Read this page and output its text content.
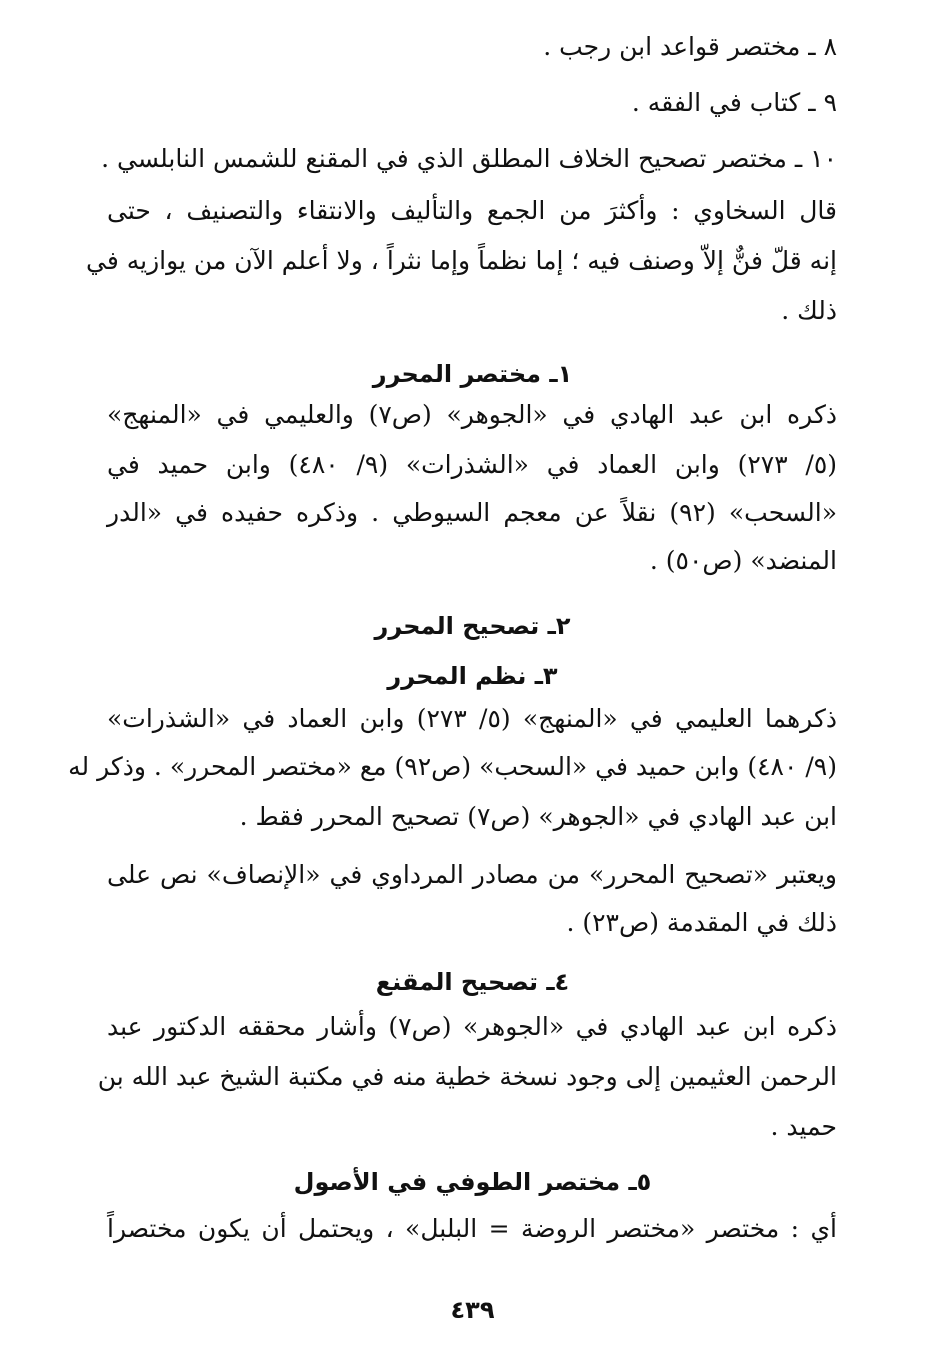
٨ ـ مختصر قواعد ابن رجب .
٩ ـ كتاب في الفقه .
١٠ ـ مختصر تصحيح الخلاف المطلق الذي في المقنع للشمس النابلسي .
قال السخاوي : وأكثرَ من الجمع والتأليف والانتقاء والتصنيف ، حتى
إنه قلّ فنٌّ إلاّ وصنف فيه ؛ إما نظماً وإما نثراً ، ولا أعلم الآن من يوازيه في
ذلك .
١ـ مختصر المحرر
ذكره ابن عبد الهادي في «الجوهر» (ص٧) والعليمي في «المنهج»
(٥/ ٢٧٣) وابن العماد في «الشذرات» (٩/ ٤٨٠) وابن حميد في
«السحب» (٩٢) نقلاً عن معجم السيوطي . وذكره حفيده في «الدر
المنضد» (ص٥٠) .
٢ـ تصحيح المحرر
٣ـ نظم المحرر
ذكرهما العليمي في «المنهج» (٥/ ٢٧٣) وابن العماد في «الشذرات»
(٩/ ٤٨٠) وابن حميد في «السحب» (ص٩٢) مع «مختصر المحرر» . وذكر له
ابن عبد الهادي في «الجوهر» (ص٧) تصحيح المحرر فقط .
ويعتبر «تصحيح المحرر» من مصادر المرداوي في «الإنصاف» نص على
ذلك في المقدمة (ص٢٣) .
٤ـ تصحيح المقنع
ذكره ابن عبد الهادي في «الجوهر» (ص٧) وأشار محققه الدكتور عبد
الرحمن العثيمين إلى وجود نسخة خطية منه في مكتبة الشيخ عبد الله بن
حميد .
٥ـ مختصر الطوفي في الأصول
أي : مختصر «مختصر الروضة = البلبل» ، ويحتمل أن يكون مختصراً
٤٣٩
